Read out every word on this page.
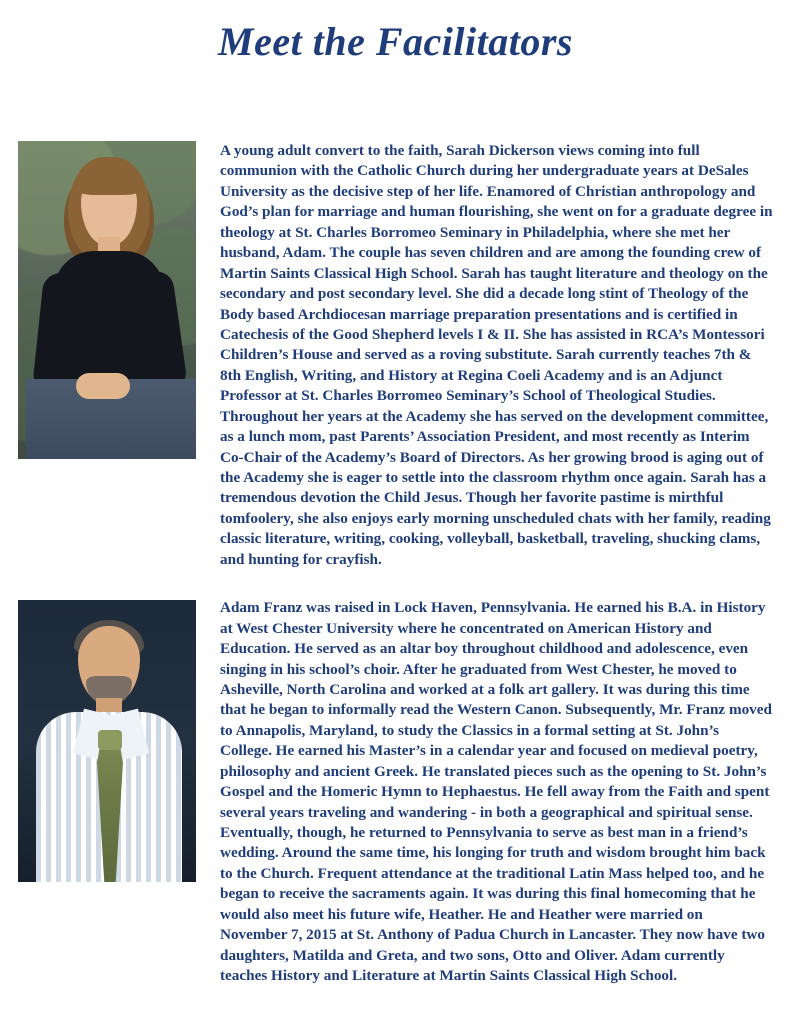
Meet the Facilitators
A young adult convert to the faith, Sarah Dickerson views coming into full communion with the Catholic Church during her undergraduate years at DeSales University as the decisive step of her life. Enamored of Christian anthropology and God’s plan for marriage and human flourishing, she went on for a graduate degree in theology at St. Charles Borromeo Seminary in Philadelphia, where she met her husband, Adam. The couple has seven children and are among the founding crew of Martin Saints Classical High School. Sarah has taught literature and theology on the secondary and post secondary level. She did a decade long stint of Theology of the Body based Archdiocesan marriage preparation presentations and is certified in Catechesis of the Good Shepherd levels I & II. She has assisted in RCA’s Montessori Children’s House and served as a roving substitute. Sarah currently teaches 7th & 8th English, Writing, and History at Regina Coeli Academy and is an Adjunct Professor at St. Charles Borromeo Seminary’s School of Theological Studies. Throughout her years at the Academy she has served on the development committee, as a lunch mom, past Parents’ Association President, and most recently as Interim Co-Chair of the Academy’s Board of Directors. As her growing brood is aging out of the Academy she is eager to settle into the classroom rhythm once again. Sarah has a tremendous devotion the Child Jesus. Though her favorite pastime is mirthful tomfoolery, she also enjoys early morning unscheduled chats with her family, reading classic literature, writing, cooking, volleyball, basketball, traveling, shucking clams, and hunting for crayfish.
Adam Franz was raised in Lock Haven, Pennsylvania. He earned his B.A. in History at West Chester University where he concentrated on American History and Education. He served as an altar boy throughout childhood and adolescence, even singing in his school’s choir. After he graduated from West Chester, he moved to Asheville, North Carolina and worked at a folk art gallery. It was during this time that he began to informally read the Western Canon. Subsequently, Mr. Franz moved to Annapolis, Maryland, to study the Classics in a formal setting at St. John’s College. He earned his Master’s in a calendar year and focused on medieval poetry, philosophy and ancient Greek. He translated pieces such as the opening to St. John’s Gospel and the Homeric Hymn to Hephaestus. He fell away from the Faith and spent several years traveling and wandering - in both a geographical and spiritual sense. Eventually, though, he returned to Pennsylvania to serve as best man in a friend’s wedding. Around the same time, his longing for truth and wisdom brought him back to the Church. Frequent attendance at the traditional Latin Mass helped too, and he began to receive the sacraments again. It was during this final homecoming that he would also meet his future wife, Heather. He and Heather were married on November 7, 2015 at St. Anthony of Padua Church in Lancaster. They now have two daughters, Matilda and Greta, and two sons, Otto and Oliver. Adam currently teaches History and Literature at Martin Saints Classical High School.
